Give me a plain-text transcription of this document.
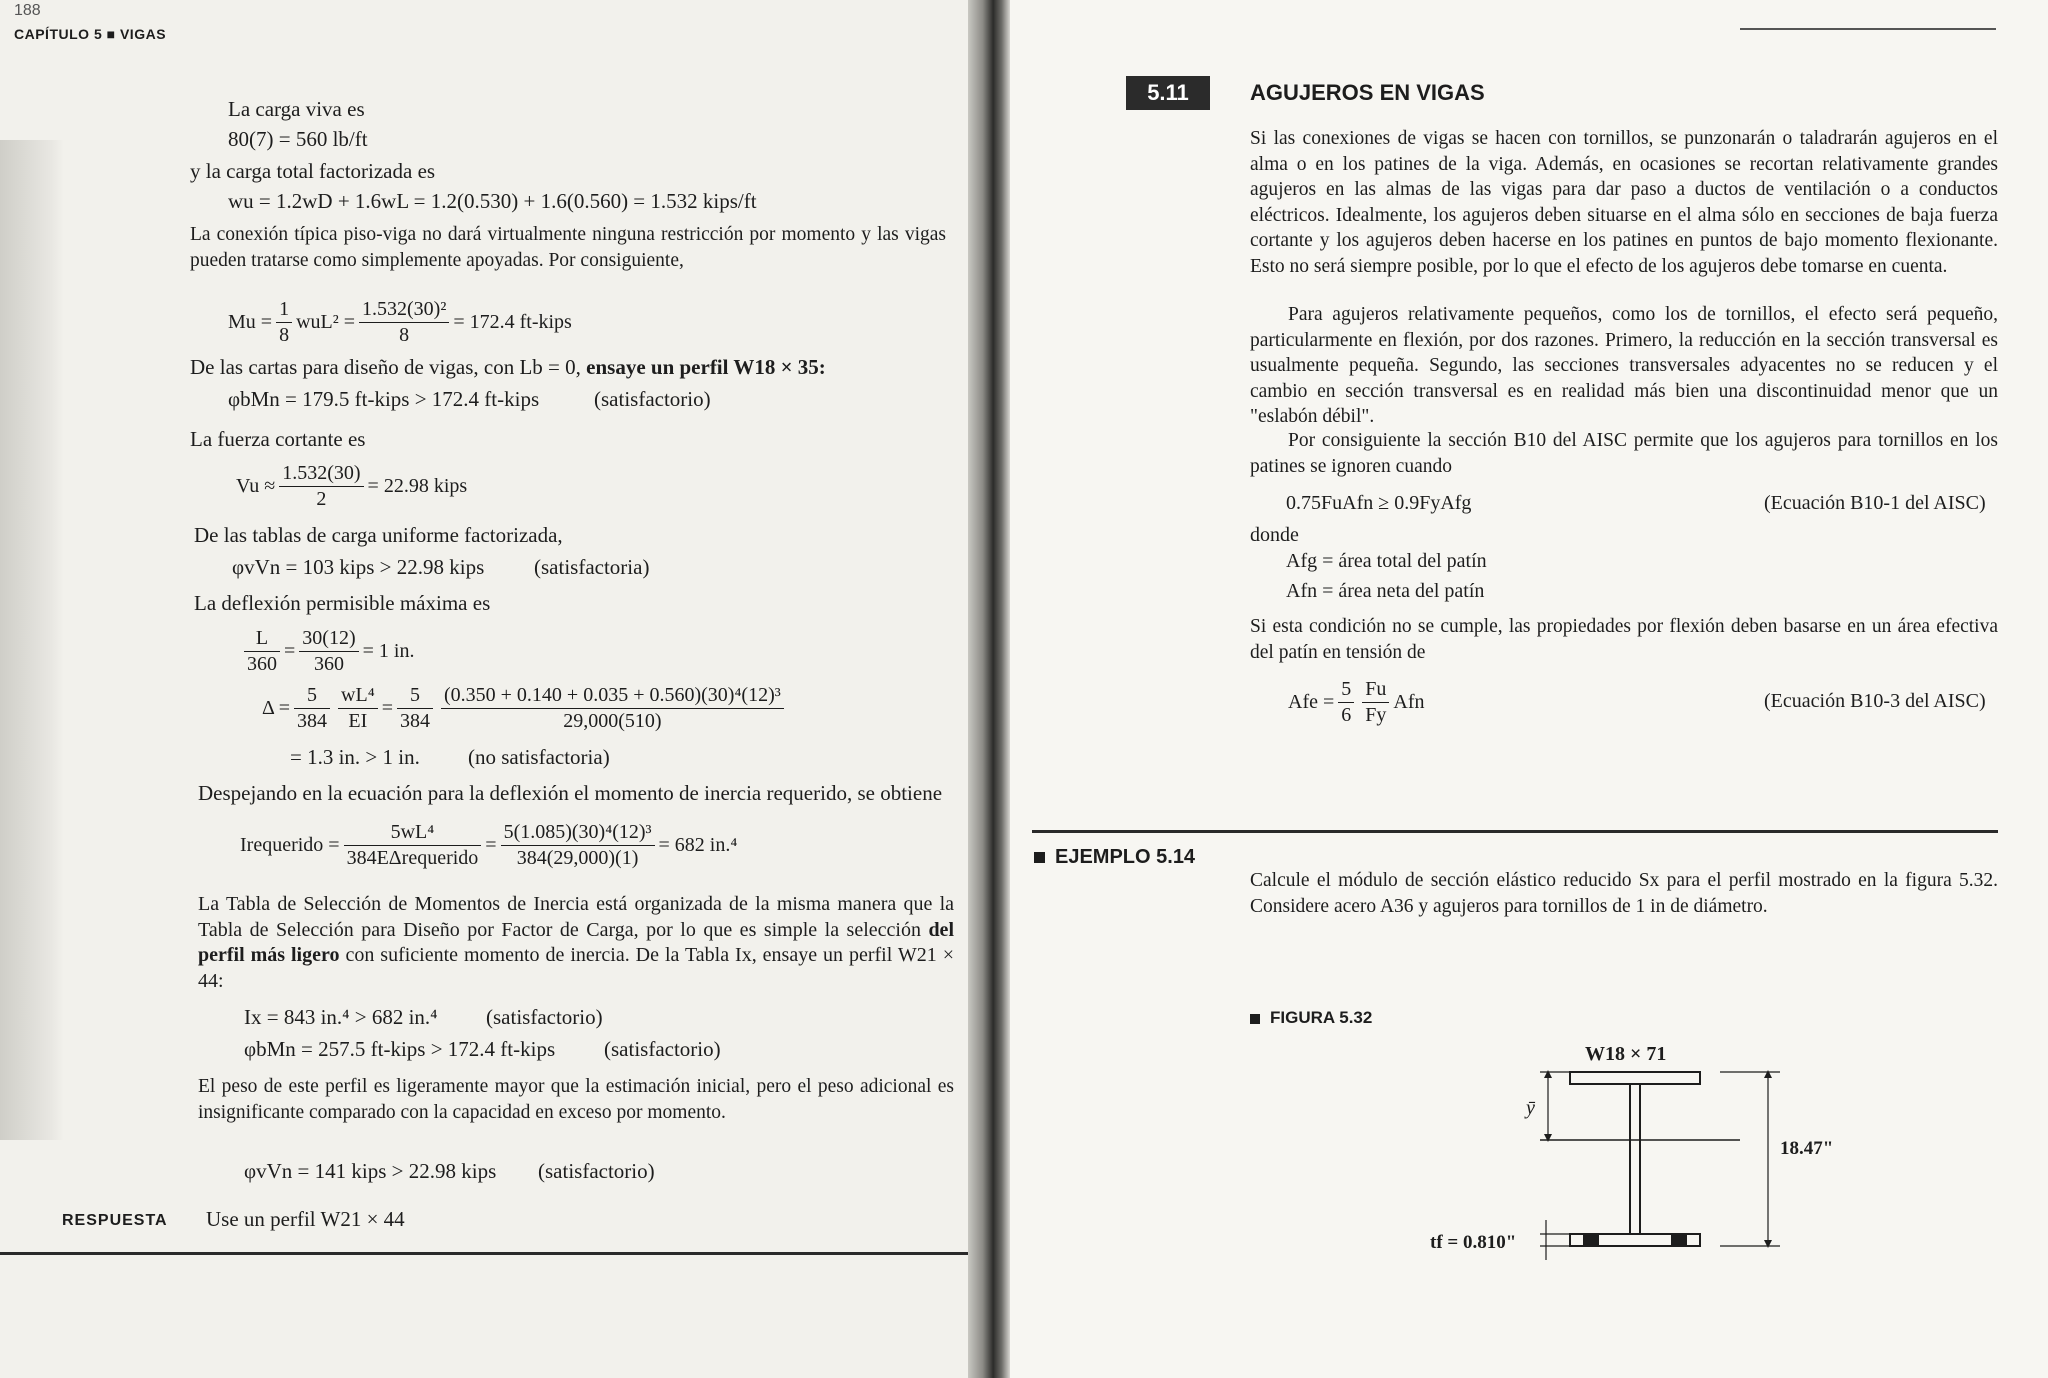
188
CAPÍTULO 5 ■ VIGAS
La carga viva es
80(7) = 560 lb/ft
y la carga total factorizada es
wu = 1.2wD + 1.6wL = 1.2(0.530) + 1.6(0.560) = 1.532 kips/ft
La conexión típica piso-viga no dará virtualmente ninguna restricción por momento y las vigas pueden tratarse como simplemente apoyadas. Por consiguiente,
$Mu = \frac{1}{8} wuL^2 = \frac{\text{1.532(30)²}}{8} = 172.4$ ft-kips
De las cartas para diseño de vigas, con Lb = 0, ensaye un perfil W18 × 35:
φbMn = 179.5 ft-kips > 172.4 ft-kips	(satisfactorio)
La fuerza cortante es
$Vu \approx \frac{1.532(30)}{2} = 22.98$ kips
De las tablas de carga uniforme factorizada,
φvVn = 103 kips > 22.98 kips (satisfactoria)
La deflexión permisible máxima es
$\frac{L}{360} = \frac{30(12)}{360} = 1$ in.
$\Delta = \frac{5}{384} \frac{\text{wL⁴}}{EI} = \frac{5}{384} \frac{\text{(0.350 + 0.140 + 0.035 + 0.560)(30)⁴(12)³}}{29,000(510)}$
= 1.3 in. > 1 in. (no satisfactoria)
Despejando en la ecuación para la deflexión el momento de inercia requerido, se obtiene
Irequerido = $\frac{\text{5wL⁴}}{\text{384EΔrequerido}} = \frac{\text{5(1.085)(30)⁴(12)³}}{384(29,000)(1)} = 682$ in.⁴
La Tabla de Selección de Momentos de Inercia está organizada de la misma manera que la Tabla de Selección para Diseño por Factor de Carga, por lo que es simple la selección del perfil más ligero con suficiente momento de inercia. De la Tabla Ix, ensaye un perfil W21 × 44:
Ix = 843 in.⁴ > 682 in.⁴ (satisfactorio)
φbMn = 257.5 ft-kips > 172.4 ft-kips (satisfactorio)
El peso de este perfil es ligeramente mayor que la estimación inicial, pero el peso adicional es insignificante comparado con la capacidad en exceso por momento.
φvVn = 141 kips > 22.98 kips (satisfactorio)
RESPUESTA Use un perfil W21 × 44
5.11	AGUJEROS EN VIGAS
Si las conexiones de vigas se hacen con tornillos, se punzonarán o taladrarán agujeros en el alma o en los patines de la viga. Además, en ocasiones se recortan relativamente grandes agujeros en las almas de las vigas para dar paso a ductos de ventilación o a conductos eléctricos. Idealmente, los agujeros deben situarse en el alma sólo en secciones de baja fuerza cortante y los agujeros deben hacerse en los patines en puntos de bajo momento flexionante. Esto no será siempre posible, por lo que el efecto de los agujeros debe tomarse en cuenta.
Para agujeros relativamente pequeños, como los de tornillos, el efecto será pequeño, particularmente en flexión, por dos razones. Primero, la reducción en la sección transversal es usualmente pequeña. Segundo, las secciones transversales adyacentes no se reducen y el cambio en sección transversal es en realidad más bien una discontinuidad menor que un "eslabón débil".
Por consiguiente la sección B10 del AISC permite que los agujeros para tornillos en los patines se ignoren cuando
0.75FuAfn ≥ 0.9FyAfg	(Ecuación B10-1 del AISC)
donde
Afg = área total del patín
Afn = área neta del patín
Si esta condición no se cumple, las propiedades por flexión deben basarse en un área efectiva del patín en tensión de
Afe = $\frac{5}{6} \frac{Fu}{Fy}$ Afn	(Ecuación B10-3 del AISC)
EJEMPLO 5.14
Calcule el módulo de sección elástico reducido Sx para el perfil mostrado en la figura 5.32. Considere acero A36 y agujeros para tornillos de 1 in de diámetro.
FIGURA 5.32
W18 × 71
ȳ
18.47"
tf = 0.810"
